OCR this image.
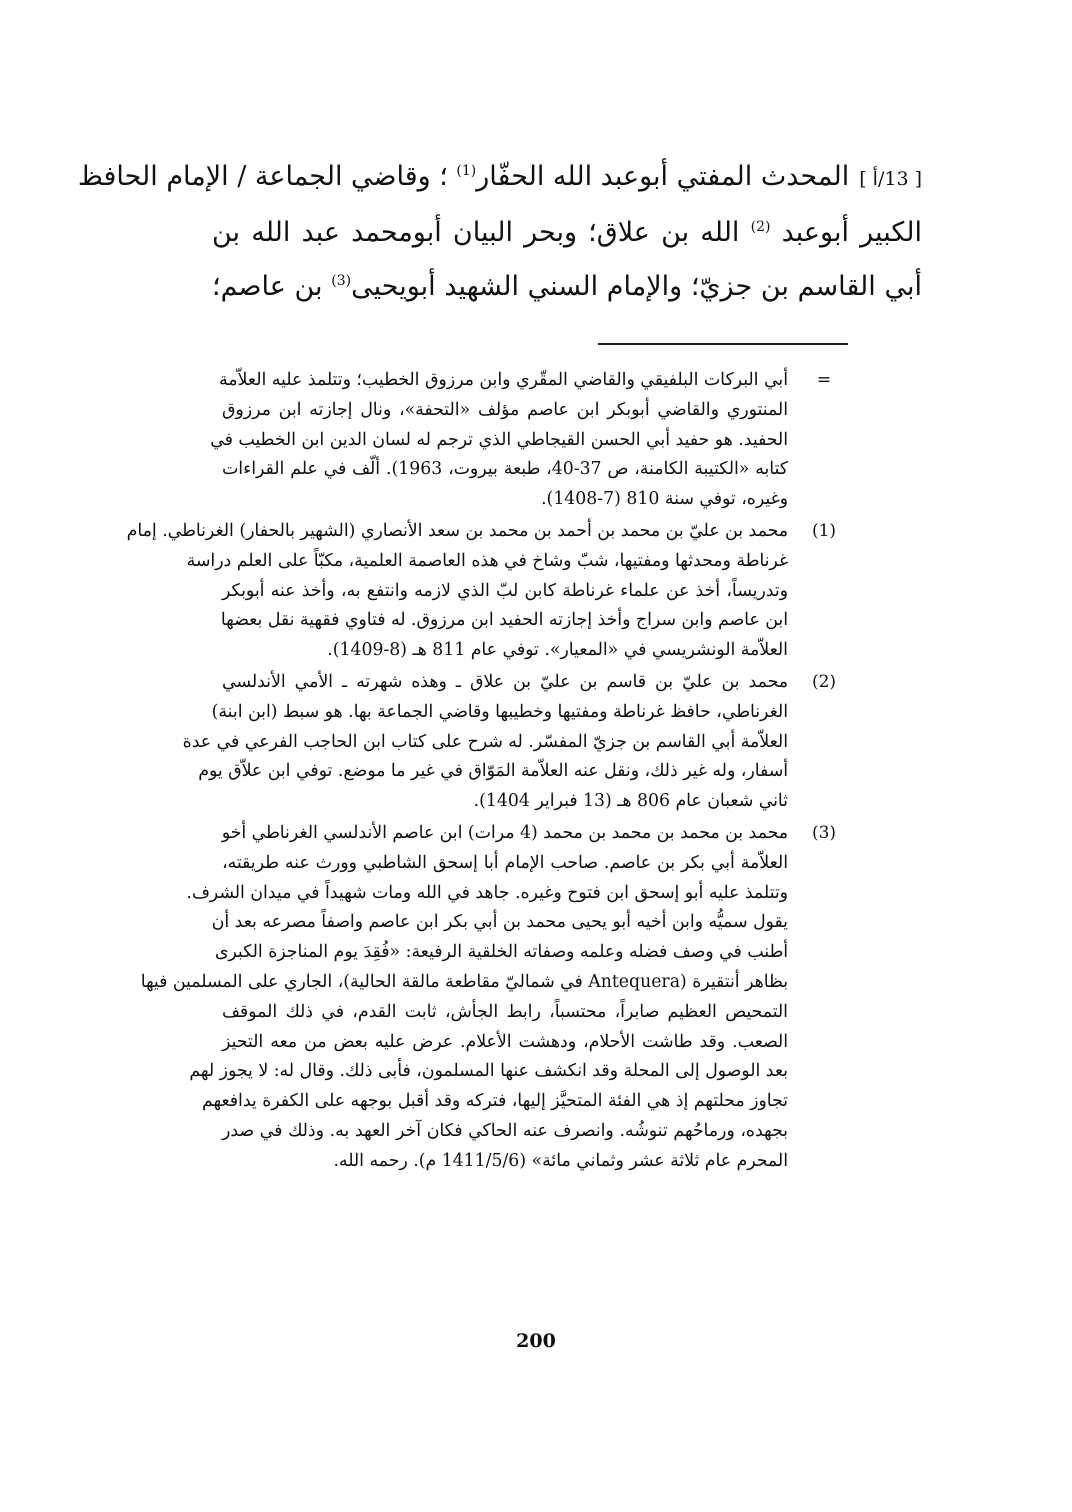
[ 13/أ ]المحدث المفتي أبوعبد الله الحفّار$^{(1)}$ ؛ وقاضي الجماعة / الإمام الحافظ
الكبير أبوعبد $^{(2)}$ الله بن علاق؛ وبحر البيان أبومحمد عبد الله بن
أبي القاسم بن جزيّ؛ والإمام السني الشهيد أبويحيى$^{(3)}$ بن عاصم؛
=
أبي البركات البلفيقي والقاضي المقّري وابن مرزوق الخطيب؛ وتتلمذ عليه العلاّمة
المنتوري والقاضي أبوبكر ابن عاصم مؤلف «التحفة»، ونال إجازته ابن مرزوق
الحفيد. هو حفيد أبي الحسن القيجاطي الذي ترجم له لسان الدين ابن الخطيب في
كتابه «الكتيبة الكامنة، ص 37-40، طبعة بيروت، 1963). ألّف في علم القراءات
وغيره، توفي سنة 810 (7-1408).
(1)
محمد بن عليّ بن محمد بن أحمد بن محمد بن سعد الأنصاري (الشهير بالحفار) الغرناطي. إمام
غرناطة ومحدثها ومفتيها، شبّ وشاخ في هذه العاصمة العلمية، مكبّاً على العلم دراسة
وتدريساً، أخذ عن علماء غرناطة كابن لبّ الذي لازمه وانتفع به، وأخذ عنه أبوبكر
ابن عاصم وابن سراج وأخذ إجازته الحفيد ابن مرزوق. له فتاوي فقهية نقل بعضها
العلاّمة الونشريسي في «المعيار». توفي عام 811 هـ (8-1409).
(2)
محمد بن عليّ بن قاسم بن عليّ بن علاق ـ وهذه شهرته ـ الأمي الأندلسي
الغرناطي، حافظ غرناطة ومفتيها وخطيبها وقاضي الجماعة بها. هو سبط (ابن ابنة)
العلاّمة أبي القاسم بن جزيّ المفسّر. له شرح على كتاب ابن الحاجب الفرعي في عدة
أسفار، وله غير ذلك، ونقل عنه العلاّمة المَوّاق في غير ما موضع. توفي ابن علاّق يوم
ثاني شعبان عام 806 هـ (13 فبراير 1404).
(3)
محمد بن محمد بن محمد بن محمد (4 مرات) ابن عاصم الأندلسي الغرناطي أخو
العلاّمة أبي بكر بن عاصم. صاحب الإمام أبا إسحق الشاطبي وورث عنه طريقته،
وتتلمذ عليه أبو إسحق ابن فتوح وغيره. جاهد في الله ومات شهيداً في ميدان الشرف.
يقول سميُّه وابن أخيه أبو يحيى محمد بن أبي بكر ابن عاصم واصفاً مصرعه بعد أن
أطنب في وصف فضله وعلمه وصفاته الخلقية الرفيعة: «فُقِدَ يوم المناجزة الكبرى
بظاهر أنتقيرة (Antequera في شماليّ مقاطعة مالقة الحالية)، الجاري على المسلمين فيها
التمحيص العظيم صابراً، محتسباً، رابط الجأش، ثابت القدم، في ذلك الموقف
الصعب. وقد طاشت الأحلام، ودهشت الأعلام. عرض عليه بعض من معه التحيز
بعد الوصول إلى المحلة وقد انكشف عنها المسلمون، فأبى ذلك. وقال له: لا يجوز لهم
تجاوز محلتهم إذ هي الفئة المتحيَّز إليها، فتركه وقد أقبل بوجهه على الكفرة يدافعهم
بجهده، ورماحُهم تنوشُه. وانصرف عنه الحاكي فكان آخر العهد به. وذلك في صدر
المحرم عام ثلاثة عشر وثماني مائة» (1411/5/6 م). رحمه الله.
200
